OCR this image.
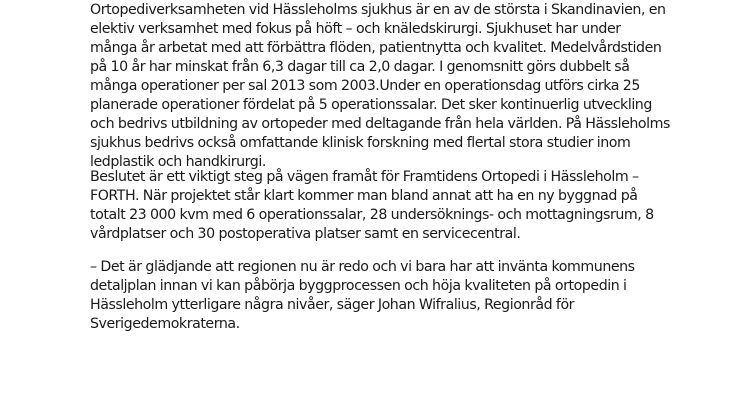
Ortopediverksamheten vid Hässleholms sjukhus är en av de största i Skandinavien, en elektiv verksamhet med fokus på höft – och knäledskirurgi. Sjukhuset har under många år arbetat med att förbättra flöden, patientnytta och kvalitet. Medelvårdstiden på 10 år har minskat från 6,3 dagar till ca 2,0 dagar. I genomsnitt görs dubbelt så många operationer per sal 2013 som 2003.Under en operationsdag utförs cirka 25 planerade operationer fördelat på 5 operationssalar. Det sker kontinuerlig utveckling och bedrivs utbildning av ortopeder med deltagande från hela världen. På Hässleholms sjukhus bedrivs också omfattande klinisk forskning med flertal stora studier inom ledplastik och handkirurgi.

Beslutet är ett viktigt steg på vägen framåt för Framtidens Ortopedi i Hässleholm – FORTH. När projektet står klart kommer man bland annat att ha en ny byggnad på totalt 23 000 kvm med 6 operationssalar, 28 undersöknings- och mottagningsrum, 8 vårdplatser och 30 postoperativa platser samt en servicecentral.

– Det är glädjande att regionen nu är redo och vi bara har att invänta kommunens detaljplan innan vi kan påbörja byggprocessen och höja kvaliteten på ortopedin i Hässleholm ytterligare några nivåer, säger Johan Wifralius, Regionråd för Sverigedemokraterna.
